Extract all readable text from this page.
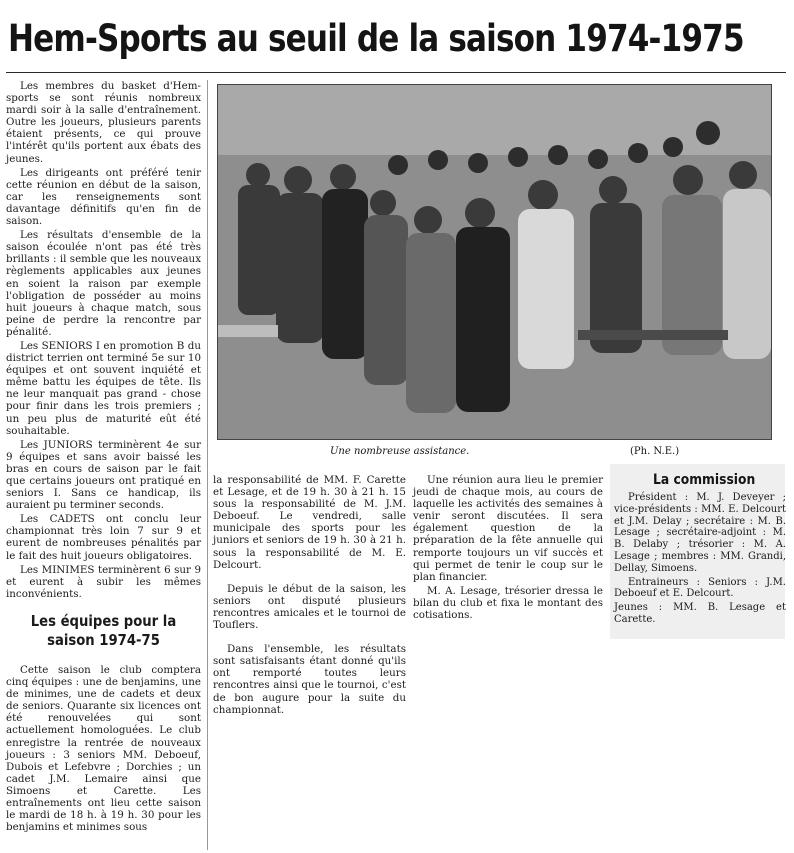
Hem-Sports au seuil de la saison 1974-1975

Les membres du basket d'Hem-sports se sont réunis nombreux mardi soir à la salle d'entraînement. Outre les joueurs, plusieurs parents étaient présents, ce qui prouve l'intérêt qu'ils portent aux ébats des jeunes.

Les dirigeants ont préféré tenir cette réunion en début de la saison, car les renseignements sont davantage définitifs qu'en fin de saison.

Les résultats d'ensemble de la saison écoulée n'ont pas été très brillants : il semble que les nouveaux règlements applicables aux jeunes en soient la raison par exemple l'obligation de posséder au moins huit joueurs à chaque match, sous peine de perdre la rencontre par pénalité.

Les SENIORS I en promotion B du district terrien ont terminé 5e sur 10 équipes et ont souvent inquiété et même battu les équipes de tête. Ils ne leur manquait pas grand - chose pour finir dans les trois premiers ; un peu plus de maturité eût été souhaitable.

Les JUNIORS terminèrent 4e sur 9 équipes et sans avoir baissé les bras en cours de saison par le fait que certains joueurs ont pratiqué en seniors I. Sans ce handicap, ils auraient pu terminer seconds.

Les CADETS ont conclu leur championnat très loin 7 sur 9 et eurent de nombreuses pénalités par le fait des huit joueurs obligatoires.

Les MINIMES terminèrent 6 sur 9 et eurent à subir les mêmes inconvénients.

Les équipes pour la saison 1974-75

Cette saison le club comptera cinq équipes : une de benjamins, une de minimes, une de cadets et deux de seniors. Quarante six licences ont été renouvelées qui sont actuellement homologuées. Le club enregistre la rentrée de nouveaux joueurs : 3 seniors MM. Deboeuf, Dubois et Lefebvre ; Dorchies ; un cadet J.M. Lemaire ainsi que Simoens et Carette. Les entraînements ont lieu cette saison le mardi de 18 h. à 19 h. 30 pour les benjamins et minimes sous

Une nombreuse assistance.	(Ph. N.E.)

la responsabilité de MM. F. Carette et Lesage, et de 19 h. 30 à 21 h. 15 sous la responsabilité de M. J.M. Deboeuf. Le vendredi, salle municipale des sports pour les juniors et seniors de 19 h. 30 à 21 h. sous la responsabilité de M. E. Delcourt.

Depuis le début de la saison, les seniors ont disputé plusieurs rencontres amicales et le tournoi de Touflers.

Dans l'ensemble, les résultats sont satisfaisants étant donné qu'ils ont remporté toutes leurs rencontres ainsi que le tournoi, c'est de bon augure pour la suite du championnat.

Une réunion aura lieu le premier jeudi de chaque mois, au cours de laquelle les activités des semaines à venir seront discutées. Il sera également question de la préparation de la fête annuelle qui remporte toujours un vif succès et qui permet de tenir le coup sur le plan financier.

M. A. Lesage, trésorier dressa le bilan du club et fixa le montant des cotisations.

La commission

Président : M. J. Deveyer ; vice-présidents : MM. E. Delcourt et J.M. Delay ; secrétaire : M. B. Lesage ; secrétaire-adjoint : M. B. Delaby ; trésorier : M. A. Lesage ; membres : MM. Grandi, Dellay, Simoens.

Entraineurs : Seniors : J.M. Deboeuf et E. Delcourt.

Jeunes : MM. B. Lesage et Carette.
